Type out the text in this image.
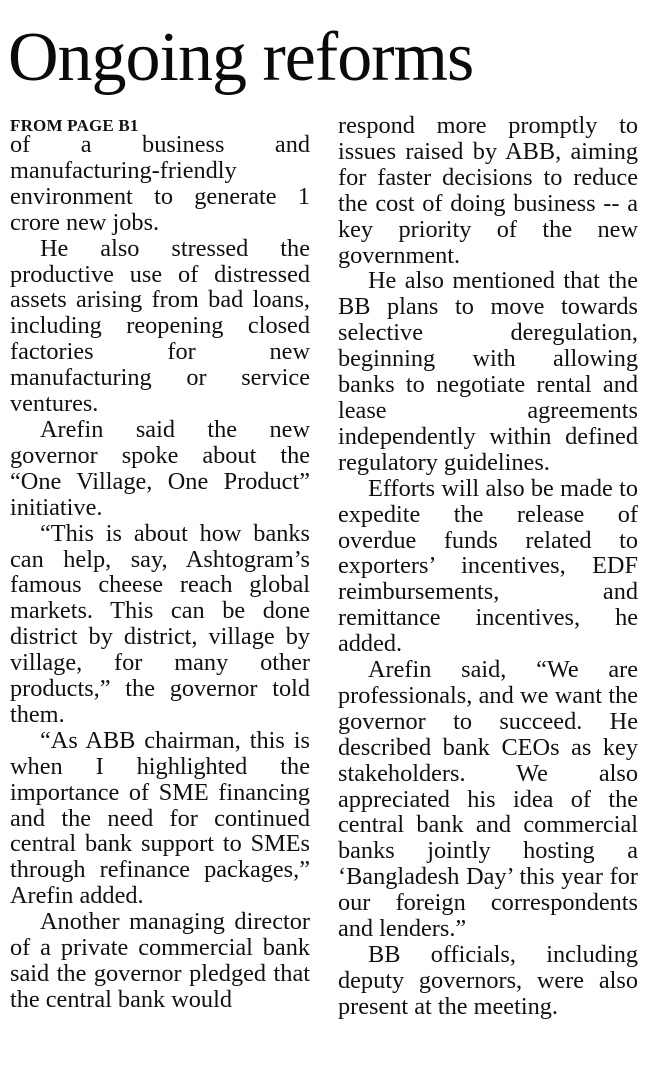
Ongoing reforms
FROM PAGE B1

of a business and manufacturing-friendly environment to generate 1 crore new jobs.

He also stressed the productive use of distressed assets arising from bad loans, including reopening closed factories for new manufacturing or service ventures.

Arefin said the new governor spoke about the “One Village, One Product” initiative.

“This is about how banks can help, say, Ashtogram’s famous cheese reach global markets. This can be done district by district, village by village, for many other products,” the governor told them.

“As ABB chairman, this is when I highlighted the importance of SME financing and the need for continued central bank support to SMEs through refinance packages,” Arefin added.

Another managing director of a private commercial bank said the governor pledged that the central bank would

respond more promptly to issues raised by ABB, aiming for faster decisions to reduce the cost of doing business -- a key priority of the new government.

He also mentioned that the BB plans to move towards selective deregulation, beginning with allowing banks to negotiate rental and lease agreements independently within defined regulatory guidelines.

Efforts will also be made to expedite the release of overdue funds related to exporters’ incentives, EDF reimbursements, and remittance incentives, he added.

Arefin said, “We are professionals, and we want the governor to succeed. He described bank CEOs as key stakeholders. We also appreciated his idea of the central bank and commercial banks jointly hosting a ‘Bangladesh Day’ this year for our foreign correspondents and lenders.”

BB officials, including deputy governors, were also present at the meeting.
